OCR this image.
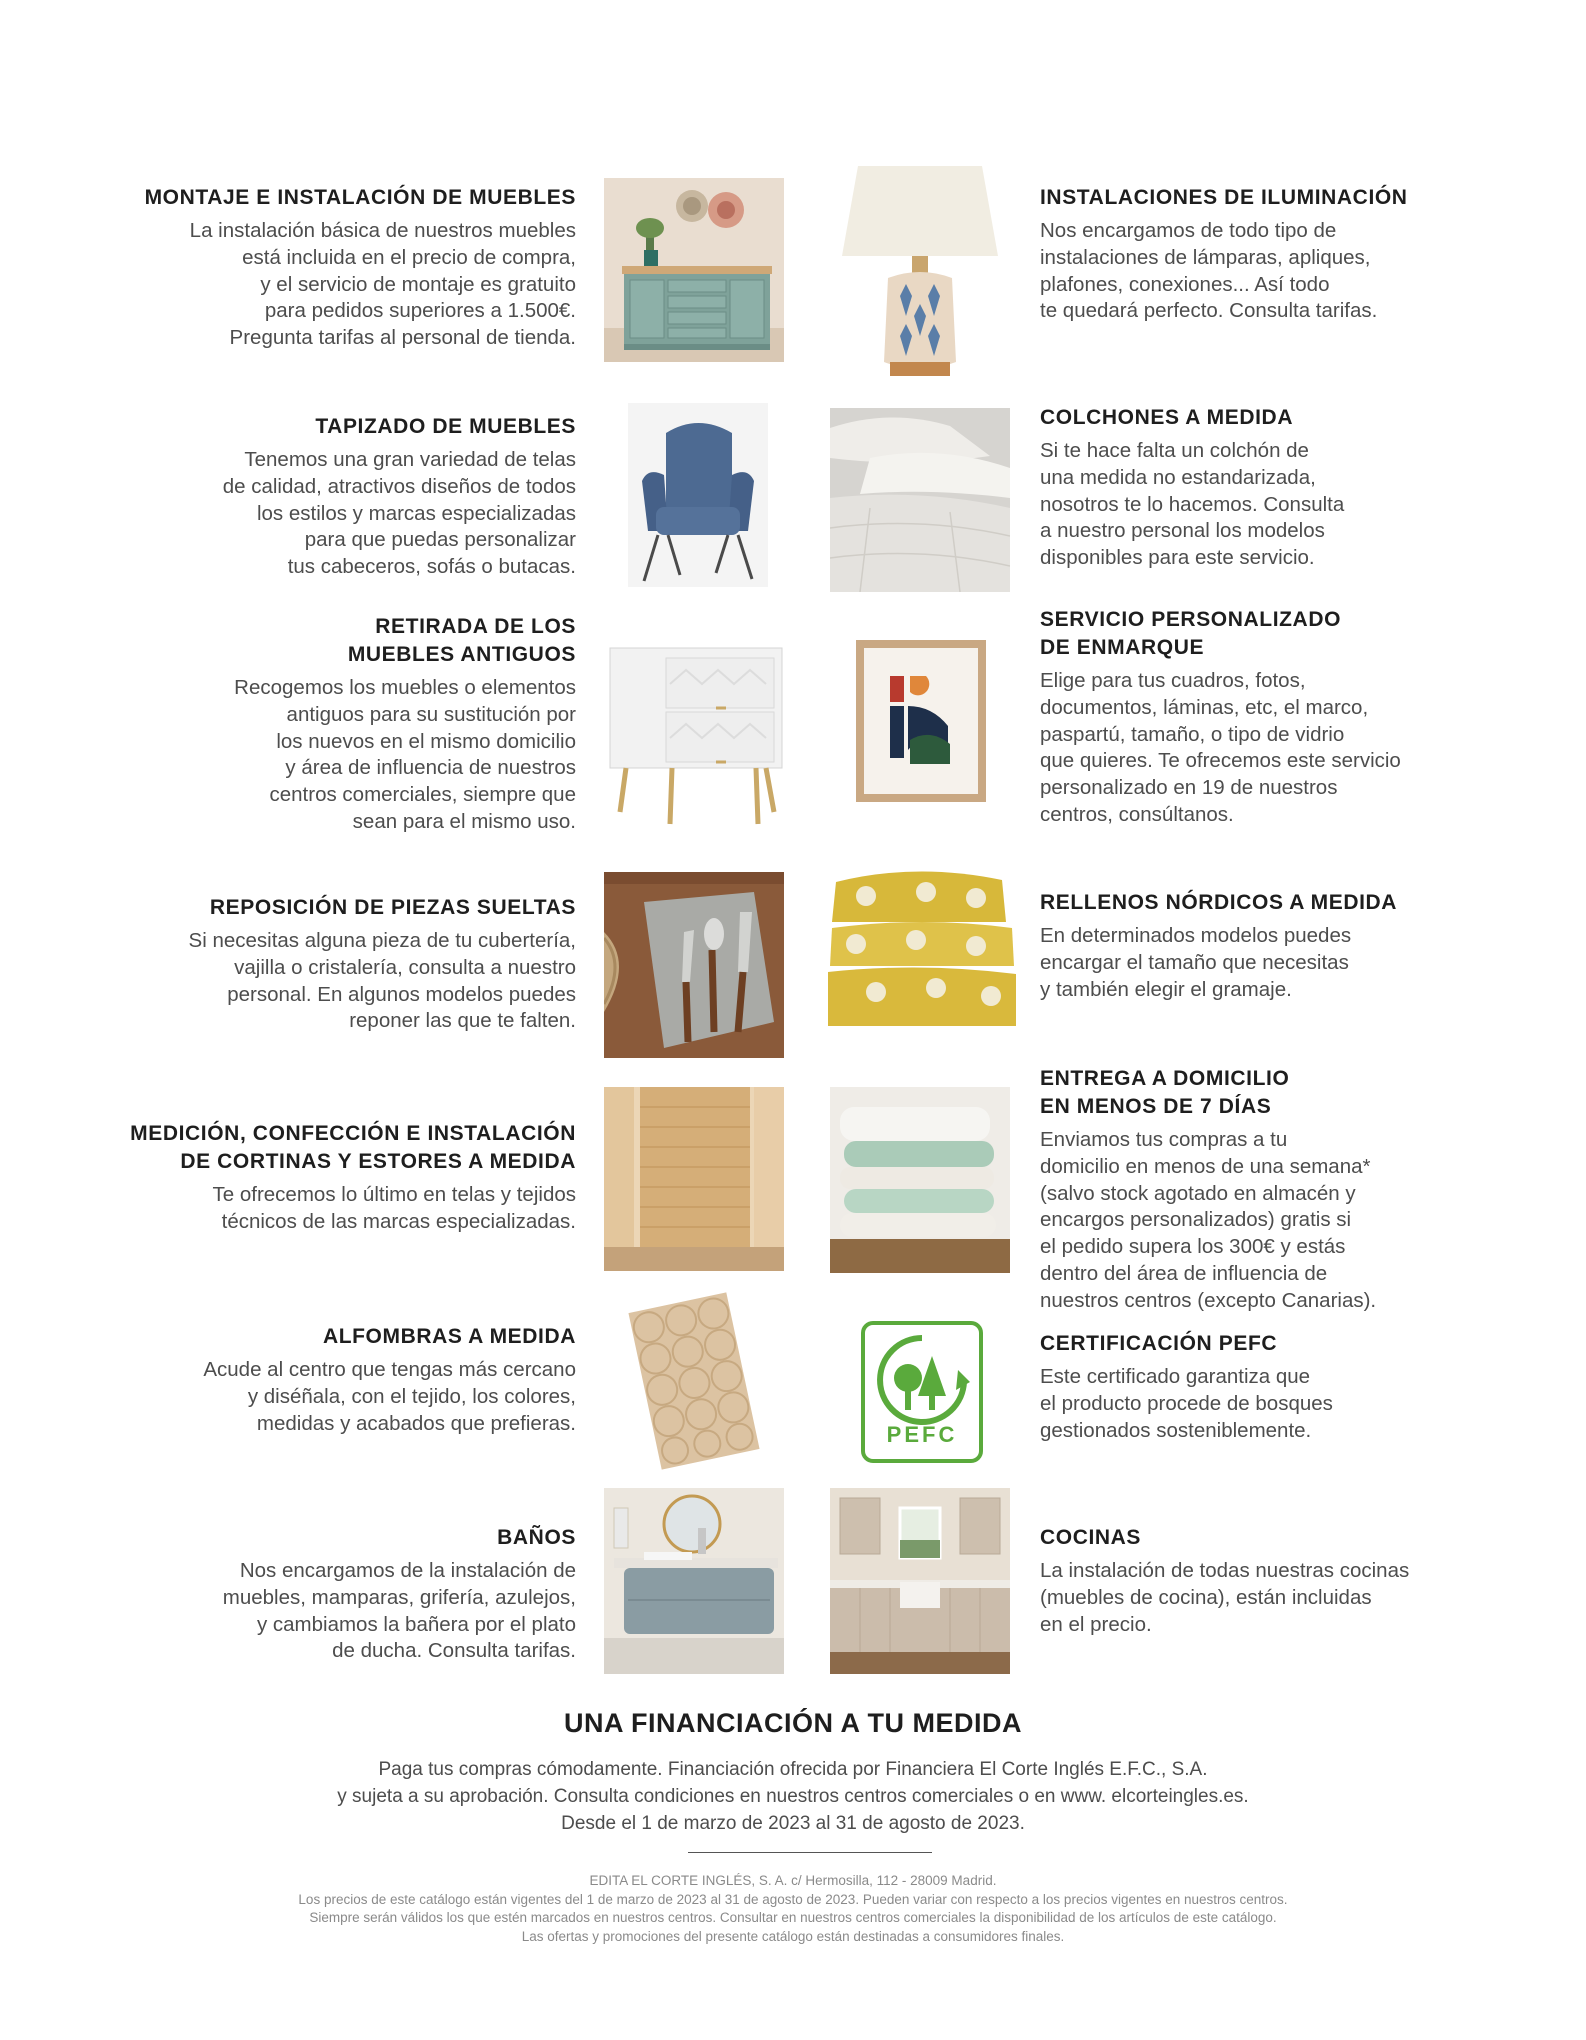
MONTAJE E INSTALACIÓN DE MUEBLES

La instalación básica de nuestros muebles
está incluida en el precio de compra,
y el servicio de montaje es gratuito
para pedidos superiores a 1.500€.
Pregunta tarifas al personal de tienda.

TAPIZADO DE MUEBLES

Tenemos una gran variedad de telas
de calidad, atractivos diseños de todos
los estilos y marcas especializadas
para que puedas personalizar
tus cabeceros, sofás o butacas.

RETIRADA DE LOS
MUEBLES ANTIGUOS

Recogemos los muebles o elementos
antiguos para su sustitución por
los nuevos en el mismo domicilio
y área de influencia de nuestros
centros comerciales, siempre que
sean para el mismo uso.

REPOSICIÓN DE PIEZAS SUELTAS

Si necesitas alguna pieza de tu cubertería,
vajilla o cristalería, consulta a nuestro
personal. En algunos modelos puedes
reponer las que te falten.

MEDICIÓN, CONFECCIÓN E INSTALACIÓN
DE CORTINAS Y ESTORES A MEDIDA

Te ofrecemos lo último en telas y tejidos
técnicos de las marcas especializadas.

ALFOMBRAS A MEDIDA

Acude al centro que tengas más cercano
y diséñala, con el tejido, los colores,
medidas y acabados que prefieras.

BAÑOS

Nos encargamos de la instalación de
muebles, mamparas, grifería, azulejos,
y cambiamos la bañera por el plato
de ducha. Consulta tarifas.

INSTALACIONES DE ILUMINACIÓN

Nos encargamos de todo tipo de
instalaciones de lámparas, apliques,
plafones, conexiones... Así todo
te quedará perfecto. Consulta tarifas.

COLCHONES A MEDIDA

Si te hace falta un colchón de
una medida no estandarizada,
nosotros te lo hacemos. Consulta
a nuestro personal los modelos
disponibles para este servicio.

SERVICIO PERSONALIZADO
DE ENMARQUE

Elige para tus cuadros, fotos,
documentos, láminas, etc, el marco,
paspartú, tamaño, o tipo de vidrio
que quieres. Te ofrecemos este servicio
personalizado en 19 de nuestros
centros, consúltanos.

RELLENOS NÓRDICOS A MEDIDA

En determinados modelos puedes
encargar el tamaño que necesitas
y también elegir el gramaje.

ENTREGA A DOMICILIO
EN MENOS DE 7 DÍAS

Enviamos tus compras a tu
domicilio en menos de una semana*
(salvo stock agotado en almacén y
encargos personalizados) gratis si
el pedido supera los 300€ y estás
dentro del área de influencia de
nuestros centros (excepto Canarias).

CERTIFICACIÓN PEFC

Este certificado garantiza que
el producto procede de bosques
gestionados sosteniblemente.

COCINAS

La instalación de todas nuestras cocinas
(muebles de cocina), están incluidas
en el precio.

PEFC
UNA FINANCIACIÓN A TU MEDIDA
Paga tus compras cómodamente. Financiación ofrecida por Financiera El Corte Inglés E.F.C., S.A.
y sujeta a su aprobación. Consulta condiciones en nuestros centros comerciales o en www. elcorteingles.es.
Desde el 1 de marzo de 2023 al 31 de agosto de 2023.
EDITA EL CORTE INGLÉS, S. A. c/ Hermosilla, 112 - 28009 Madrid.
Los precios de este catálogo están vigentes del 1 de marzo de 2023 al 31 de agosto de 2023. Pueden variar con respecto a los precios vigentes en nuestros centros.
Siempre serán válidos los que estén marcados en nuestros centros. Consultar en nuestros centros comerciales la disponibilidad de los artículos de este catálogo.
Las ofertas y promociones del presente catálogo están destinadas a consumidores finales.
